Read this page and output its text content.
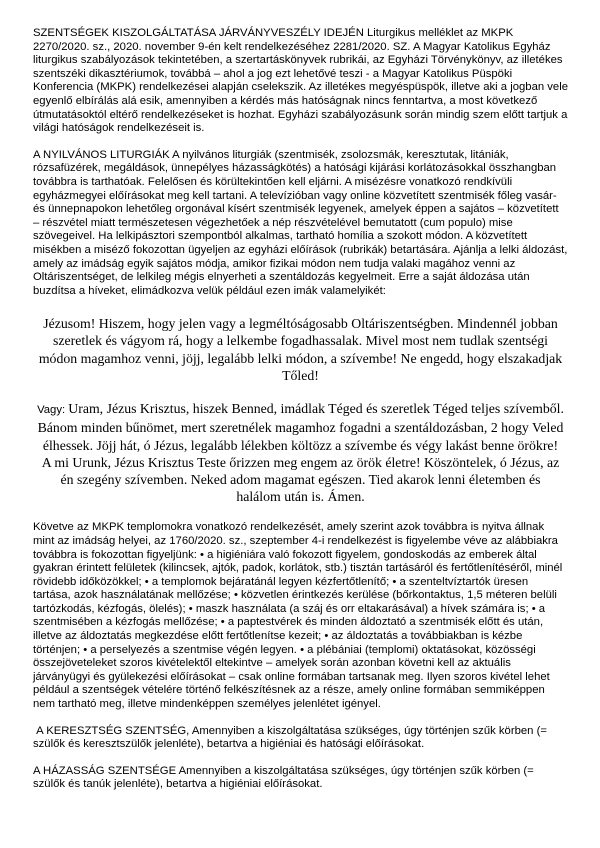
SZENTSÉGEK KISZOLGÁLTATÁSA JÁRVÁNYVESZÉLY IDEJÉN Liturgikus melléklet az MKPK 2270/2020. sz., 2020. november 9-én kelt rendelkezéséhez 2281/2020. SZ. A Magyar Katolikus Egyház liturgikus szabályozások tekintetében, a szertartáskönyvek rubrikái, az Egyházi Törvénykönyv, az illetékes szentszéki dikasztériumok, továbbá – ahol a jog ezt lehetővé teszi - a Magyar Katolikus Püspöki Konferencia (MKPK) rendelkezései alapján cselekszik. Az illetékes megyéspüspök, illetve aki a jogban vele egyenlő elbírálás alá esik, amennyiben a kérdés más hatóságnak nincs fenntartva, a most következő útmutatásoktól eltérő rendelkezéseket is hozhat. Egyházi szabályozásunk során mindig szem előtt tartjuk a világi hatóságok rendelkezéseit is.

A NYILVÁNOS LITURGIÁK A nyilvános liturgiák (szentmisék, zsolozsmák, keresztutak, litániák, rózsafüzérek, megáldások, ünnepélyes házasságkötés) a hatósági kijárási korlátozásokkal összhangban továbbra is tarthatóak. Felelősen és körültekintően kell eljárni. A misézésre vonatkozó rendkívüli egyházmegyei előírásokat meg kell tartani. A televízióban vagy online közvetített szentmisék főleg vasár- és ünnepnapokon lehetőleg orgonával kísért szentmisék legyenek, amelyek éppen a sajátos – közvetített – részvétel miatt természetesen végezhetőek a nép részvételével bemutatott (cum populo) mise szövegeivel. Ha lelkipásztori szempontból alkalmas, tartható homília a szokott módon. A közvetített misékben a miséző fokozottan ügyeljen az egyházi előírások (rubrikák) betartására. Ajánlja a lelki áldozást, amely az imádság egyik sajátos módja, amikor fizikai módon nem tudja valaki magához venni az Oltáriszentséget, de lelkileg mégis elnyerheti a szentáldozás kegyelmeit. Erre a saját áldozása után buzdítsa a híveket, elimádkozva velük például ezen imák valamelyikét:

Jézusom! Hiszem, hogy jelen vagy a legméltóságosabb Oltáriszentségben. Mindennél jobban szeretlek és vágyom rá, hogy a lelkembe fogadhassalak. Mivel most nem tudlak szentségi módon magamhoz venni, jöjj, legalább lelki módon, a szívembe! Ne engedd, hogy elszakadjak Tőled!

Vagy: Uram, Jézus Krisztus, hiszek Benned, imádlak Téged és szeretlek Téged teljes szívemből. Bánom minden bűnömet, mert szeretnélek magamhoz fogadni a szentáldozásban, 2 hogy Veled élhessek. Jöjj hát, ó Jézus, legalább lélekben költözz a szívembe és végy lakást benne örökre! A mi Urunk, Jézus Krisztus Teste őrizzen meg engem az örök életre! Köszöntelek, ó Jézus, az én szegény szívemben. Neked adom magamat egészen. Tied akarok lenni életemben és halálom után is. Ámen.

Követve az MKPK templomokra vonatkozó rendelkezését, amely szerint azok továbbra is nyitva állnak mint az imádság helyei, az 1760/2020. sz., szeptember 4-i rendelkezést is figyelembe véve az alábbiakra továbbra is fokozottan figyeljünk: • a higiéniára való fokozott figyelem, gondoskodás az emberek által gyakran érintett felületek (kilincsek, ajtók, padok, korlátok, stb.) tisztán tartásáról és fertőtlenítéséről, minél rövidebb időközökkel; • a templomok bejáratánál legyen kézfertőtlenítő; • a szenteltvíztartók üresen tartása, azok használatának mellőzése; • közvetlen érintkezés kerülése (bőrkontaktus, 1,5 méteren belüli tartózkodás, kézfogás, ölelés); • maszk használata (a száj és orr eltakarásával) a hívek számára is; • a szentmisében a kézfogás mellőzése; • a paptestvérek és minden áldoztató a szentmisék előtt és után, illetve az áldoztatás megkezdése előtt fertőtlenítse kezeit; • az áldoztatás a továbbiakban is kézbe történjen; • a perselyezés a szentmise végén legyen. • a plébániai (templomi) oktatásokat, közösségi összejöveteleket szoros kivételektől eltekintve – amelyek során azonban követni kell az aktuális járványügyi és gyülekezési előírásokat – csak online formában tartsanak meg. Ilyen szoros kivétel lehet például a szentségek vételére történő felkészítésnek az a része, amely online formában semmiképpen nem tartható meg, illetve mindenképpen személyes jelenlétet igényel.

A KERESZTSÉG SZENTSÉG, Amennyiben a kiszolgáltatása szükséges, úgy történjen szűk körben (= szülők és keresztszülők jelenléte), betartva a higiéniai és hatósági előírásokat.

A HÁZASSÁG SZENTSÉGE Amennyiben a kiszolgáltatása szükséges, úgy történjen szűk körben (= szülők és tanúk jelenléte), betartva a higiéniai előírásokat.
